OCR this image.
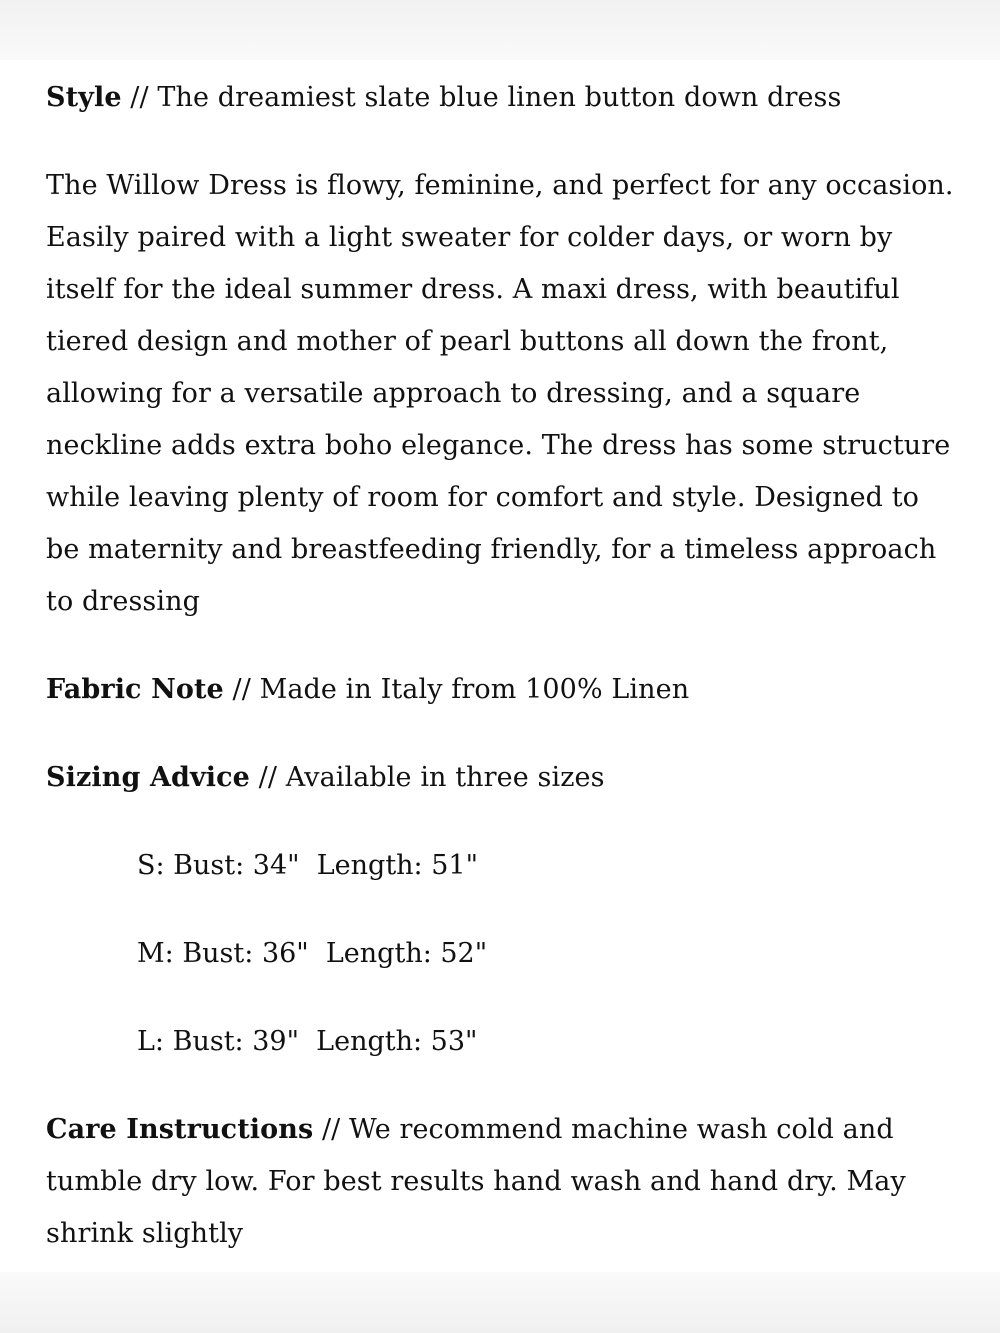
Style // The dreamiest slate blue linen button down dress

The Willow Dress is flowy, feminine, and perfect for any occasion. Easily paired with a light sweater for colder days, or worn by itself for the ideal summer dress. A maxi dress, with beautiful tiered design and mother of pearl buttons all down the front, allowing for a versatile approach to dressing, and a square neckline adds extra boho elegance. The dress has some structure while leaving plenty of room for comfort and style. Designed to be maternity and breastfeeding friendly, for a timeless approach to dressing

Fabric Note // Made in Italy from 100% Linen

Sizing Advice // Available in three sizes

S: Bust: 34"  Length: 51"

M: Bust: 36"  Length: 52"

L: Bust: 39"  Length: 53"

Care Instructions // We recommend machine wash cold and tumble dry low. For best results hand wash and hand dry. May shrink slightly
